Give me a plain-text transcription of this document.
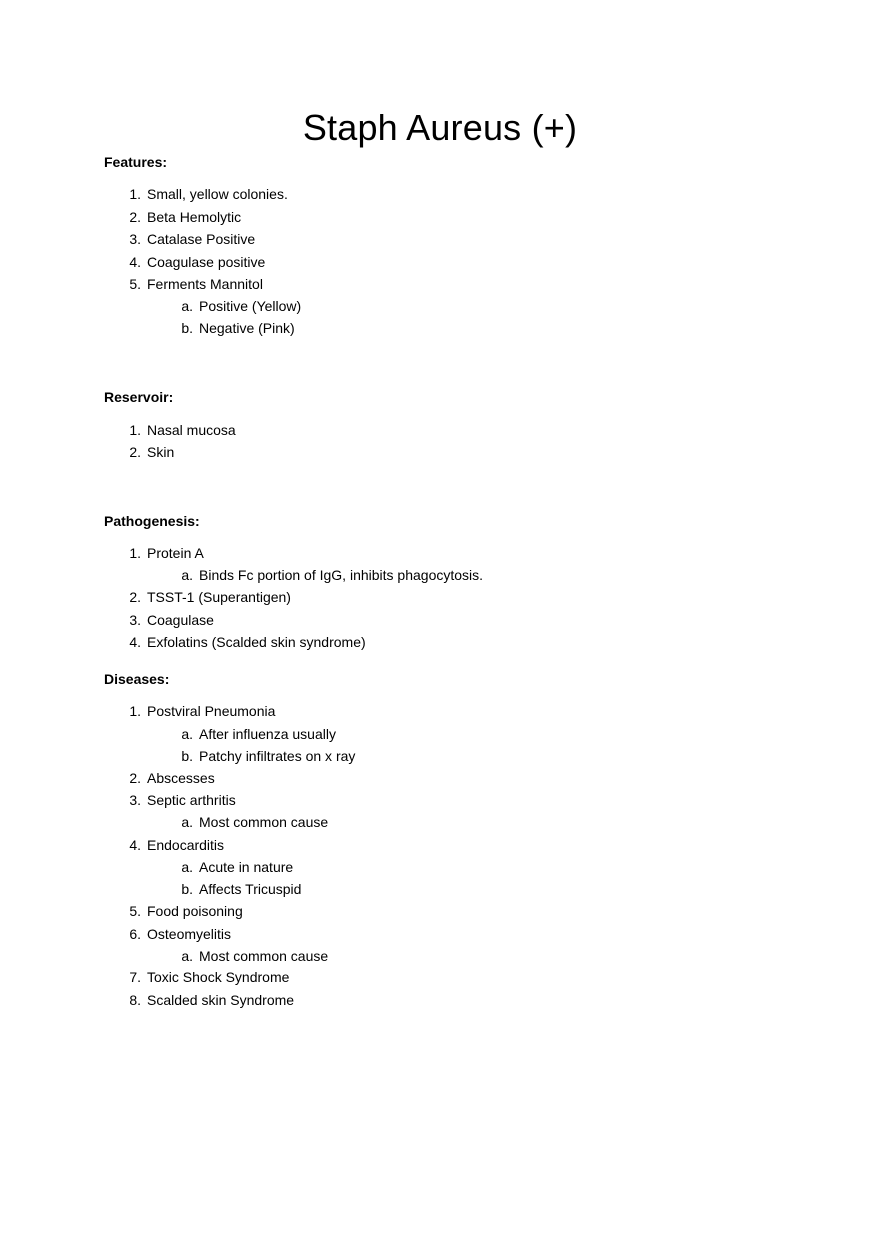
Staph Aureus (+)
Features:
1. Small, yellow colonies.
2. Beta Hemolytic
3. Catalase Positive
4. Coagulase positive
5. Ferments Mannitol
a. Positive (Yellow)
b. Negative (Pink)
Reservoir:
1. Nasal mucosa
2. Skin
Pathogenesis:
1. Protein A
a. Binds Fc portion of IgG, inhibits phagocytosis.
2. TSST-1 (Superantigen)
3. Coagulase
4. Exfolatins (Scalded skin syndrome)
Diseases:
1. Postviral Pneumonia
a. After influenza usually
b. Patchy infiltrates on x ray
2. Abscesses
3. Septic arthritis
a. Most common cause
4. Endocarditis
a. Acute in nature
b. Affects Tricuspid
5. Food poisoning
6. Osteomyelitis
a. Most common cause
7. Toxic Shock Syndrome
8. Scalded skin Syndrome
